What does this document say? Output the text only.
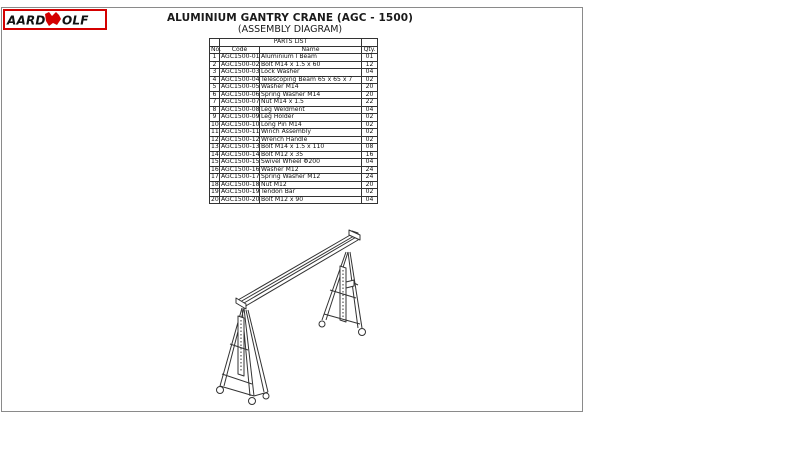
AARD OLF	ALUMINIUM GANTRY CRANE (AGC - 1500)
(ASSEMBLY DIAGRAM)
	PARTS LIST		
No.	Code	Name	Qty.
1	AGC1500-01	Aluminium I Beam	01
2	AGC1500-02	Bolt M14 x 1.5 x 60	12
3	AGC1500-03	Lock Washer	04
4	AGC1500-04	Telescoping Beam 65 x 65 x 7	02
5	AGC1500-05	Washer M14	20
6	AGC1500-06	Spring Washer M14	20
7	AGC1500-07	Nut M14 x 1.5	22
8	AGC1500-08	Leg Weldment	04
9	AGC1500-09	Leg Holder	02
10	AGC1500-10	Long Pin M14	02
11	AGC1500-11	Winch Assembly	02
12	AGC1500-12	Wrench Handle	02
13	AGC1500-13	Bolt M14 x 1.5 x 110	08
14	AGC1500-14	Bolt M12 x 35	16
15	AGC1500-15	Swivel Wheel Φ200	04
16	AGC1500-16	Washer M12	24
17	AGC1500-17	Spring Washer M12	24
18	AGC1500-18	Nut M12	20
19	AGC1500-19	Tendon Bar	02
20	AGC1500-20	Bolt M12 x 90	04
